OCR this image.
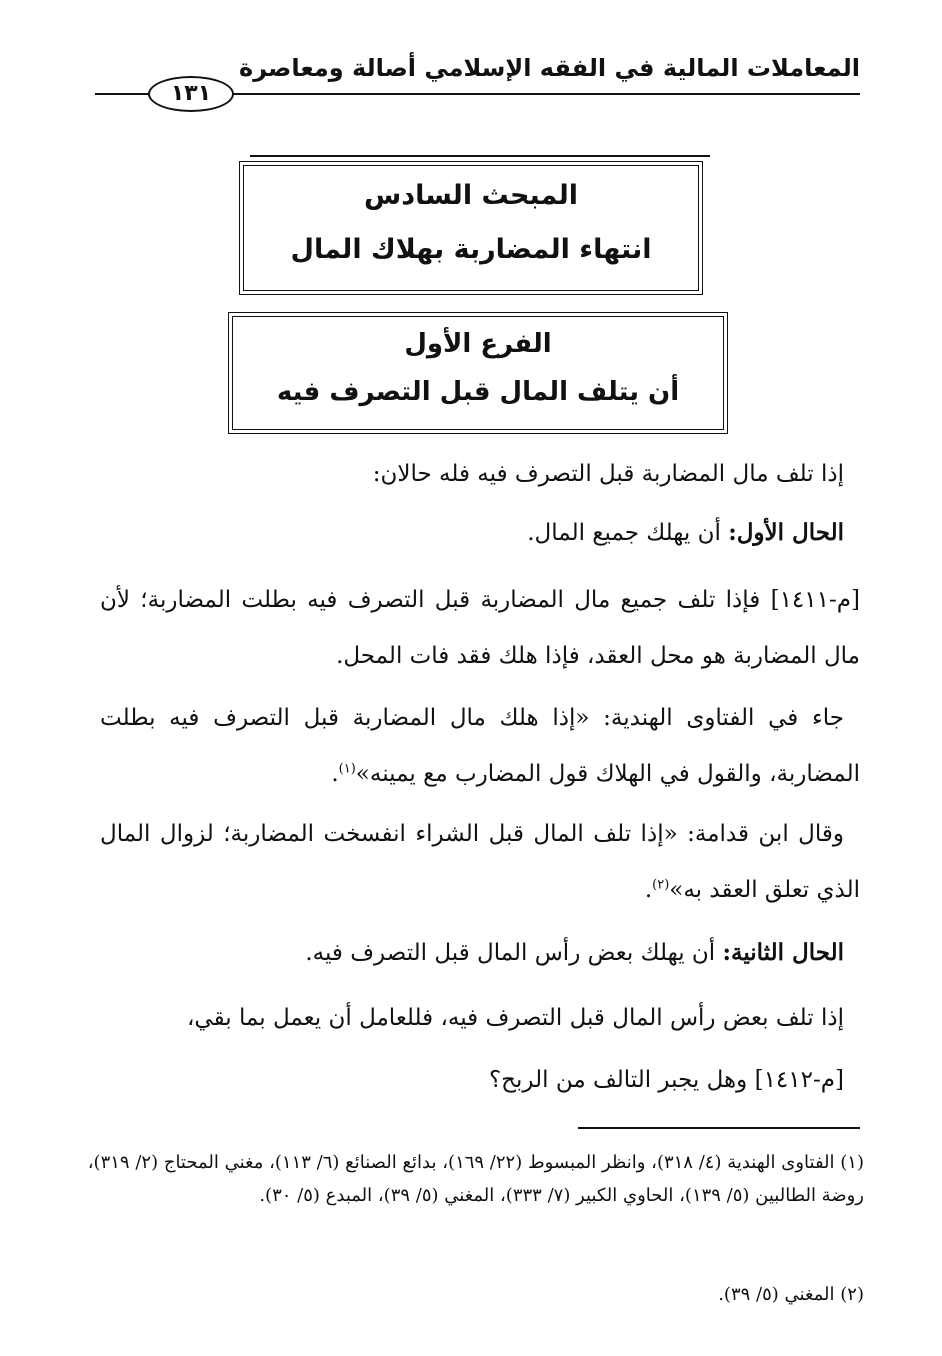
المعاملات المالية في الفقه الإسلامي أصالة ومعاصرة
١٣١
المبحث السادس
انتهاء المضاربة بهلاك المال
الفرع الأول
أن يتلف المال قبل التصرف فيه
إذا تلف مال المضاربة قبل التصرف فيه فله حالان:
الحال الأول: أن يهلك جميع المال.
[م-١٤١١] فإذا تلف جميع مال المضاربة قبل التصرف فيه بطلت المضاربة؛ لأن مال المضاربة هو محل العقد، فإذا هلك فقد فات المحل.
جاء في الفتاوى الهندية: «إذا هلك مال المضاربة قبل التصرف فيه بطلت المضاربة، والقول في الهلاك قول المضارب مع يمينه»$^{(١)}$.
وقال ابن قدامة: «إذا تلف المال قبل الشراء انفسخت المضاربة؛ لزوال المال الذي تعلق العقد به»$^{(٢)}$.
الحال الثانية: أن يهلك بعض رأس المال قبل التصرف فيه.
إذا تلف بعض رأس المال قبل التصرف فيه، فللعامل أن يعمل بما بقي،
[م-١٤١٢] وهل يجبر التالف من الربح؟
(١) الفتاوى الهندية (٤/ ٣١٨)، وانظر المبسوط (٢٢/ ١٦٩)، بدائع الصنائع (٦/ ١١٣)، مغني المحتاج (٢/ ٣١٩)، روضة الطالبين (٥/ ١٣٩)، الحاوي الكبير (٧/ ٣٣٣)، المغني (٥/ ٣٩)، المبدع (٥/ ٣٠).
(٢) المغني (٥/ ٣٩).
